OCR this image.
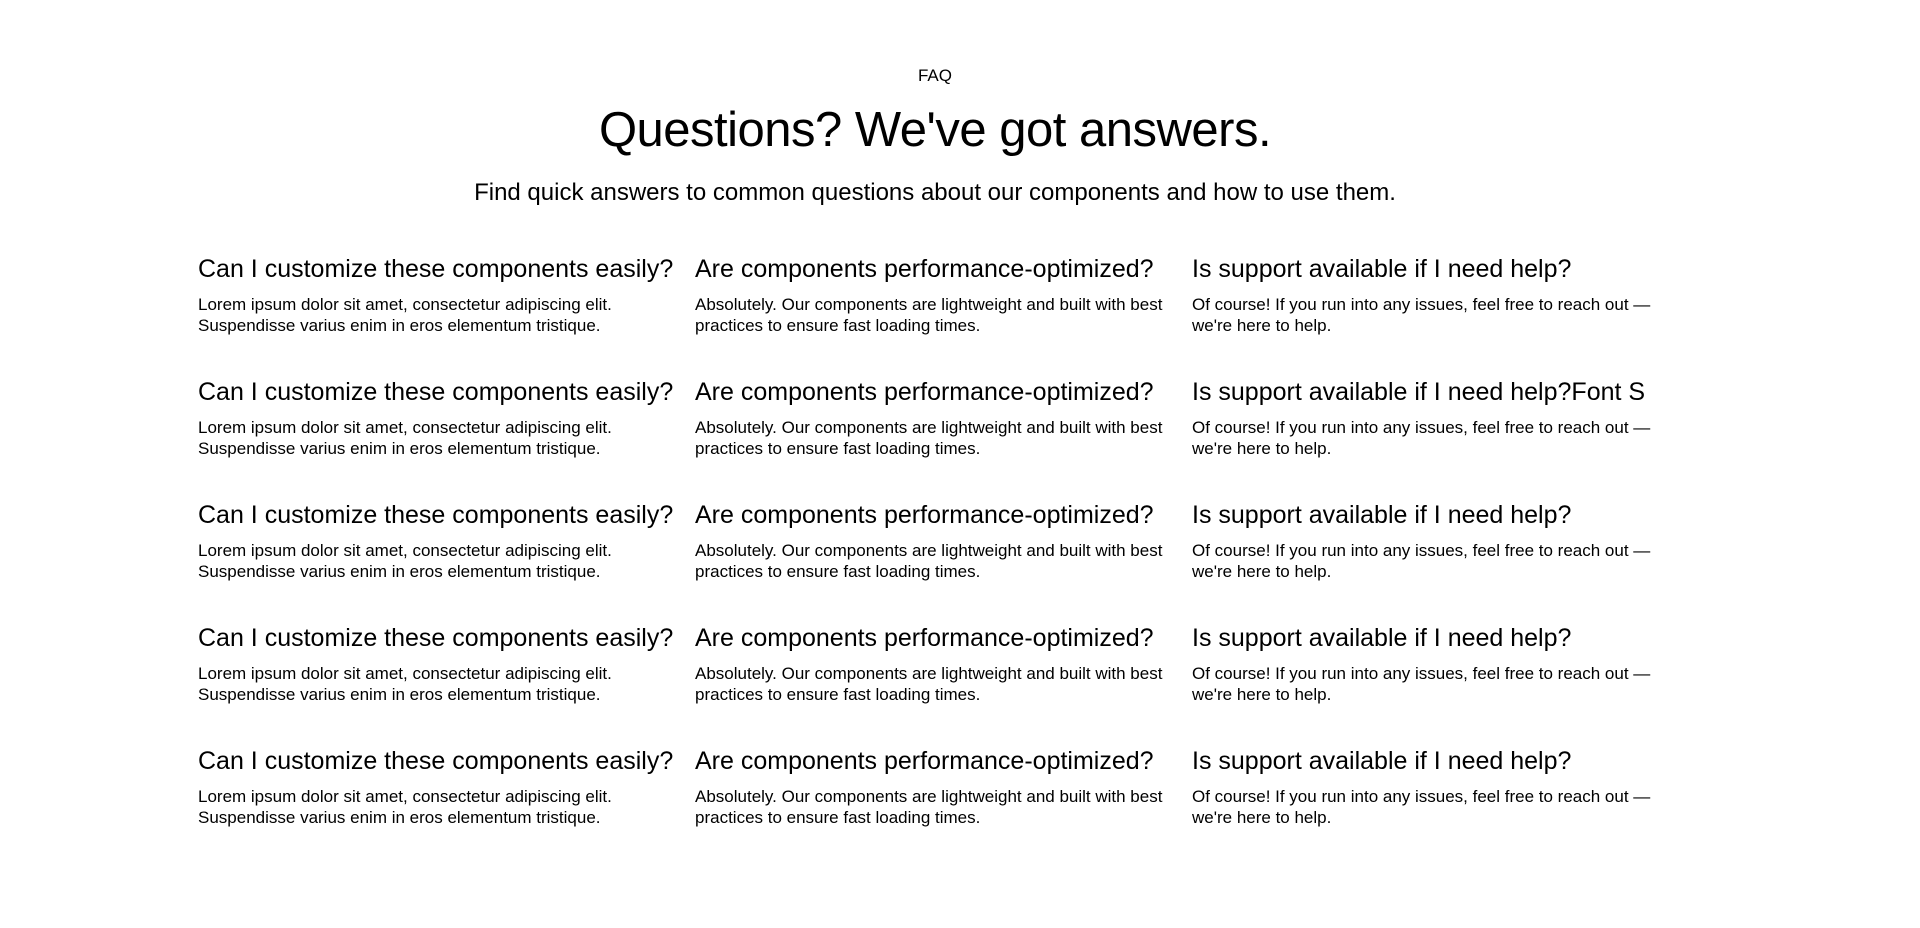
FAQ
Questions? We've got answers.

Find quick answers to common questions about our components and how to use them.

Can I customize these components easily?

Lorem ipsum dolor sit amet, consectetur adipiscing elit. Suspendisse varius enim in eros elementum tristique.

Are components performance-optimized?

Absolutely. Our components are lightweight and built with best practices to ensure fast loading times.

Is support available if I need help?

Of course! If you run into any issues, feel free to reach out — we're here to help.

Can I customize these components easily?

Lorem ipsum dolor sit amet, consectetur adipiscing elit. Suspendisse varius enim in eros elementum tristique.

Are components performance-optimized?

Absolutely. Our components are lightweight and built with best practices to ensure fast loading times.

Is support available if I need help?Font S

Of course! If you run into any issues, feel free to reach out — we're here to help.

Can I customize these components easily?

Lorem ipsum dolor sit amet, consectetur adipiscing elit. Suspendisse varius enim in eros elementum tristique.

Are components performance-optimized?

Absolutely. Our components are lightweight and built with best practices to ensure fast loading times.

Is support available if I need help?

Of course! If you run into any issues, feel free to reach out — we're here to help.

Can I customize these components easily?

Lorem ipsum dolor sit amet, consectetur adipiscing elit. Suspendisse varius enim in eros elementum tristique.

Are components performance-optimized?

Absolutely. Our components are lightweight and built with best practices to ensure fast loading times.

Is support available if I need help?

Of course! If you run into any issues, feel free to reach out — we're here to help.

Can I customize these components easily?

Lorem ipsum dolor sit amet, consectetur adipiscing elit. Suspendisse varius enim in eros elementum tristique.

Are components performance-optimized?

Absolutely. Our components are lightweight and built with best practices to ensure fast loading times.

Is support available if I need help?

Of course! If you run into any issues, feel free to reach out — we're here to help.
